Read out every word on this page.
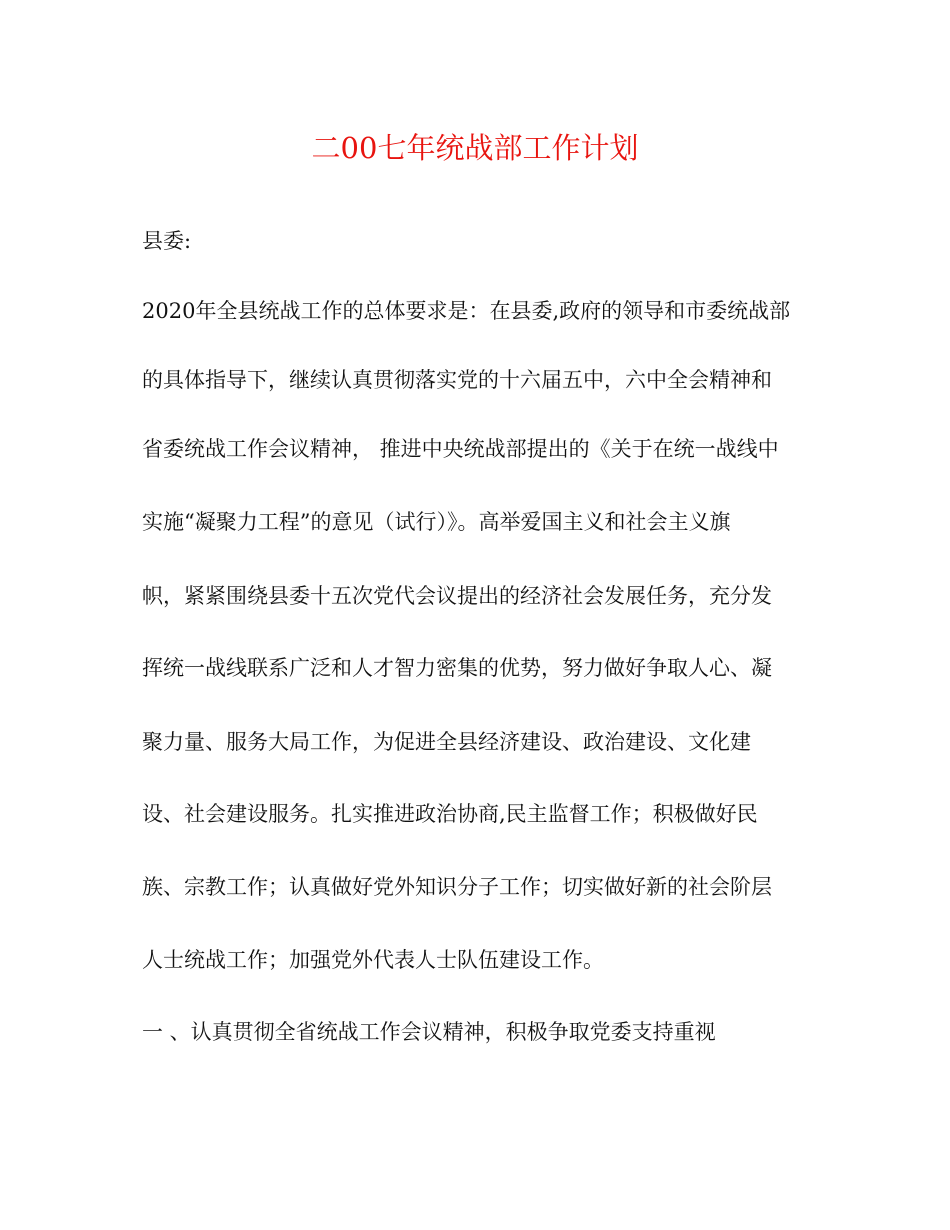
二00七年统战部工作计划
县委:
2020年全县统战工作的总体要求是：在县委,政府的领导和市委统战部
的具体指导下，继续认真贯彻落实党的十六届五中，六中全会精神和
省委统战工作会议精神， 推进中央统战部提出的《关于在统一战线中
实施“凝聚力工程”的意见（试行）》。高举爱国主义和社会主义旗
帜，紧紧围绕县委十五次党代会议提出的经济社会发展任务，充分发
挥统一战线联系广泛和人才智力密集的优势，努力做好争取人心、凝
聚力量、服务大局工作，为促进全县经济建设、政治建设、文化建
设、社会建设服务。扎实推进政治协商,民主监督工作；积极做好民
族、宗教工作；认真做好党外知识分子工作；切实做好新的社会阶层
人士统战工作；加强党外代表人士队伍建设工作。
一 、认真贯彻全省统战工作会议精神，积极争取党委支持重视
